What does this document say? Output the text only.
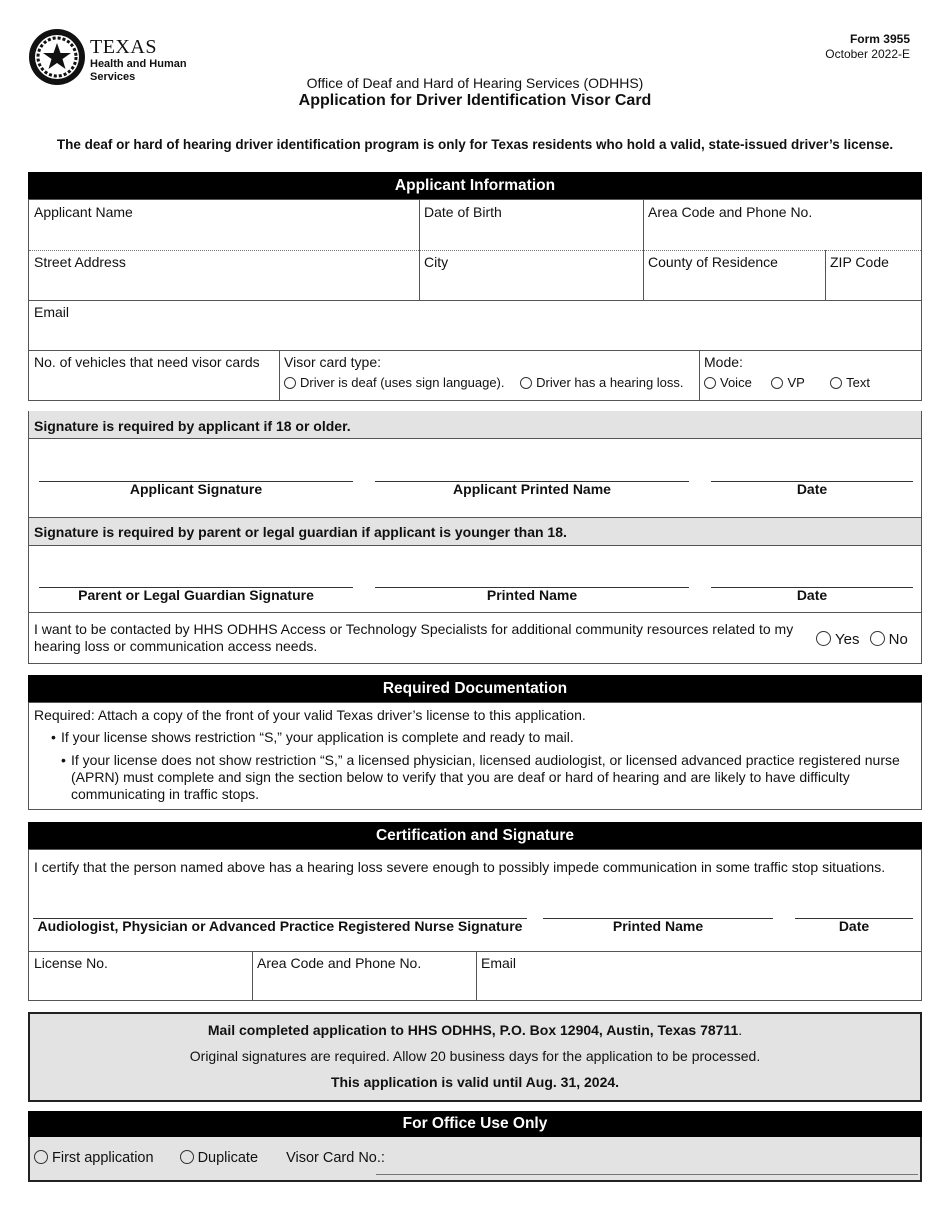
TEXAS
Health and Human Services
Form 3955
October 2022-E
Office of Deaf and Hard of Hearing Services (ODHHS)
Application for Driver Identification Visor Card
The deaf or hard of hearing driver identification program is only for Texas residents who hold a valid, state-issued driver’s license.
Applicant Information
Applicant Name	Date of Birth	Area Code and Phone No.
Street Address	City	County of Residence	ZIP Code
Email
No. of vehicles that need visor cards	Visor card type:
Driver is deaf (uses sign language). Driver has a hearing loss.
Mode:
Voice	VP	Text
Signature is required by applicant if 18 or older.
Applicant Signature	Applicant Printed Name	Date
Signature is required by parent or legal guardian if applicant is younger than 18.
Parent or Legal Guardian Signature	Printed Name	Date
I want to be contacted by HHS ODHHS Access or Technology Specialists for additional community resources related to my hearing loss or communication access needs.	Yes No
Required Documentation
Required: Attach a copy of the front of your valid Texas driver’s license to this application.
• If your license shows restriction “S,” your application is complete and ready to mail.
• If your license does not show restriction “S,” a licensed physician, licensed audiologist, or licensed advanced practice registered nurse (APRN) must complete and sign the section below to verify that you are deaf or hard of hearing and are likely to have difficulty communicating in traffic stops.
Certification and Signature
I certify that the person named above has a hearing loss severe enough to possibly impede communication in some traffic stop situations.
Audiologist, Physician or Advanced Practice Registered Nurse Signature	Printed Name	Date
License No.	Area Code and Phone No.	Email
Mail completed application to HHS ODHHS, P.O. Box 12904, Austin, Texas 78711.
Original signatures are required. Allow 20 business days for the application to be processed.
This application is valid until Aug. 31, 2024.
For Office Use Only
First application	Duplicate Visor Card No.:
